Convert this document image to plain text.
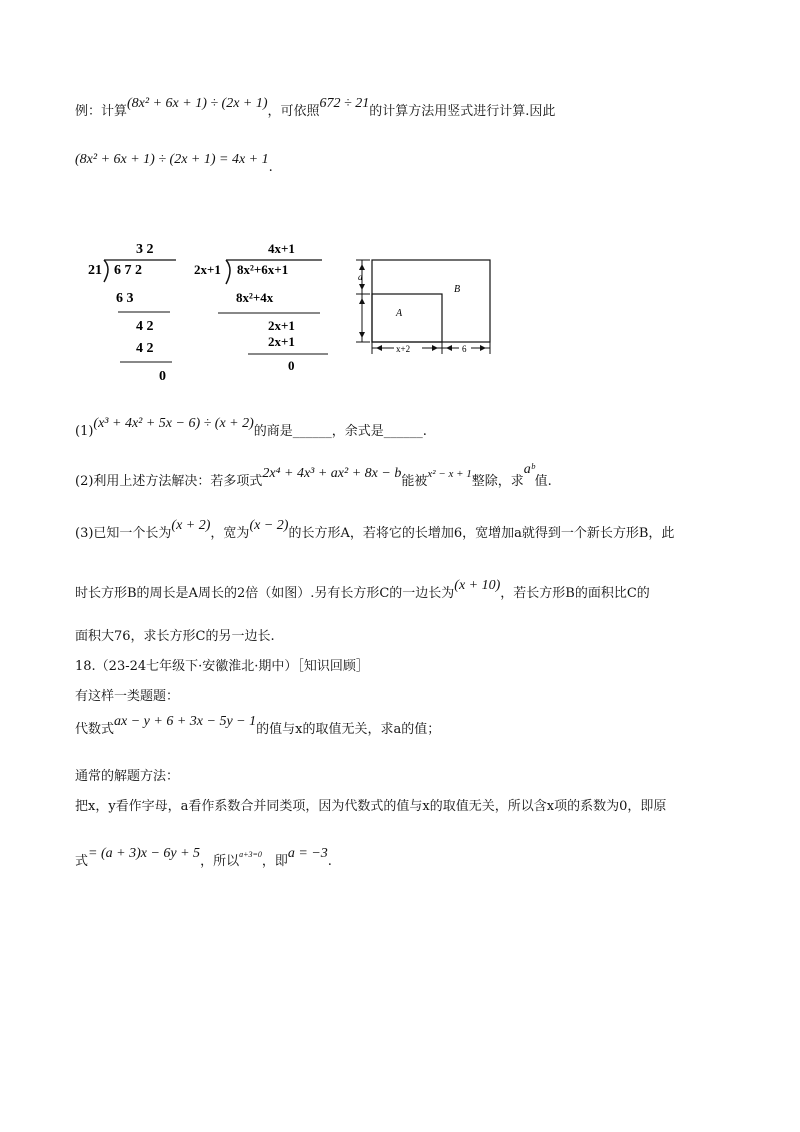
例：计算(8x² + 6x + 1) ÷ (2x + 1)，可依照672 ÷ 21的计算方法用竖式进行计算.因此
(8x² + 6x + 1) ÷ (2x + 1) = 4x + 1.
3 2
21 6 7 2
6 3
4 2
4 2
0
4x+1
2x+1 8x²+6x+1
8x²+4x
2x+1
2x+1
0
B
A
a
x+2	6
(1)(x³ + 4x² + 5x − 6) ÷ (x + 2)的商是______，余式是______.
(2)利用上述方法解决：若多项式2x⁴ + 4x³ + ax² + 8x − b能被$^{x^2 - x + 1}$整除，求aᵇ值.
(3)已知一个长为(x + 2)，宽为(x − 2)的长方形A，若将它的长增加6，宽增加a就得到一个新长方形B，此
时长方形B的周长是A周长的2倍（如图）.另有长方形C的一边长为(x + 10)，若长方形B的面积比C的
面积大76，求长方形C的另一边长.
18.（23-24七年级下·安徽淮北·期中）［知识回顾］
有这样一类题题：
代数式ax − y + 6 + 3x − 5y − 1的值与x的取值无关，求a的值；
通常的解题方法：
把x，y看作字母，a看作系数合并同类项，因为代数式的值与x的取值无关，所以含x项的系数为0，即原
式= (a + 3)x − 6y + 5，所以$^{a+3=0}$，即a = −3.
